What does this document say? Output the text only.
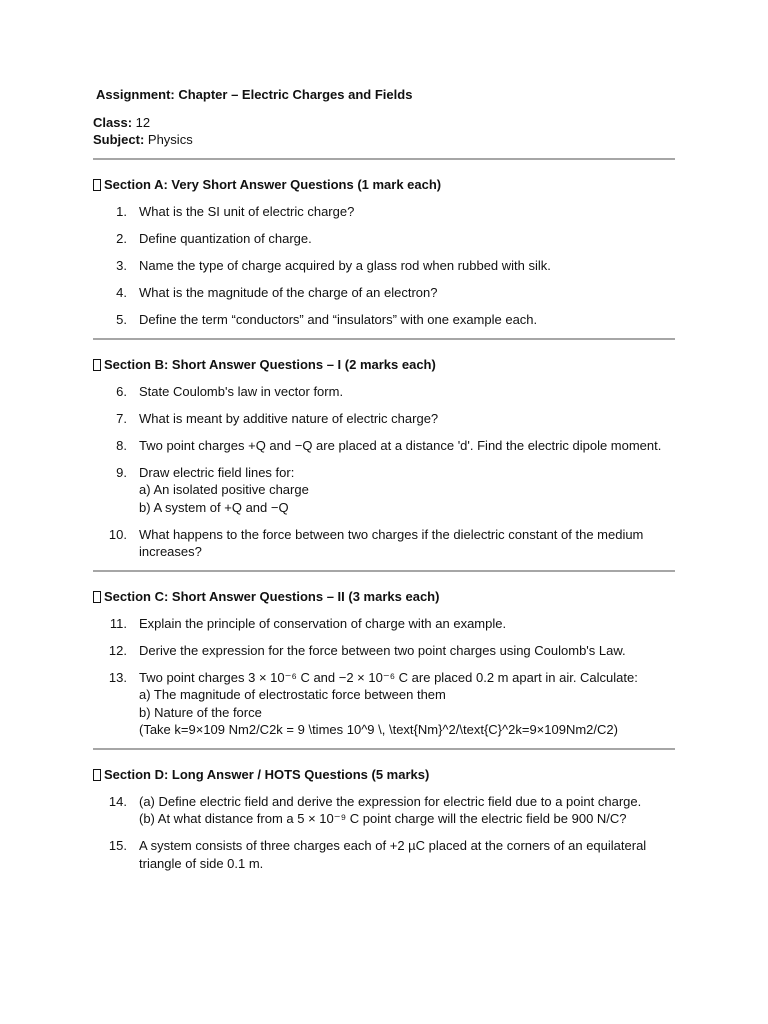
Assignment: Chapter – Electric Charges and Fields
Class: 12
Subject: Physics
Section A: Very Short Answer Questions (1 mark each)
1. What is the SI unit of electric charge?
2. Define quantization of charge.
3. Name the type of charge acquired by a glass rod when rubbed with silk.
4. What is the magnitude of the charge of an electron?
5. Define the term “conductors” and “insulators” with one example each.
Section B: Short Answer Questions – I (2 marks each)
6. State Coulomb's law in vector form.
7. What is meant by additive nature of electric charge?
8. Two point charges +Q and −Q are placed at a distance 'd'. Find the electric dipole moment.
9. Draw electric field lines for:
a) An isolated positive charge
b) A system of +Q and −Q
10. What happens to the force between two charges if the dielectric constant of the medium
increases?
Section C: Short Answer Questions – II (3 marks each)
11. Explain the principle of conservation of charge with an example.
12. Derive the expression for the force between two point charges using Coulomb's Law.
13. Two point charges 3 × 10⁻⁶ C and −2 × 10⁻⁶ C are placed 0.2 m apart in air. Calculate:
a) The magnitude of electrostatic force between them
b) Nature of the force
(Take k=9×109 Nm2/C2k = 9 \times 10^9 \, \text{Nm}^2/\text{C}^2k=9×109Nm2/C2)
Section D: Long Answer / HOTS Questions (5 marks)
14. (a) Define electric field and derive the expression for electric field due to a point charge.
(b) At what distance from a 5 × 10⁻⁹ C point charge will the electric field be 900 N/C?
15. A system consists of three charges each of +2 µC placed at the corners of an equilateral
triangle of side 0.1 m.
